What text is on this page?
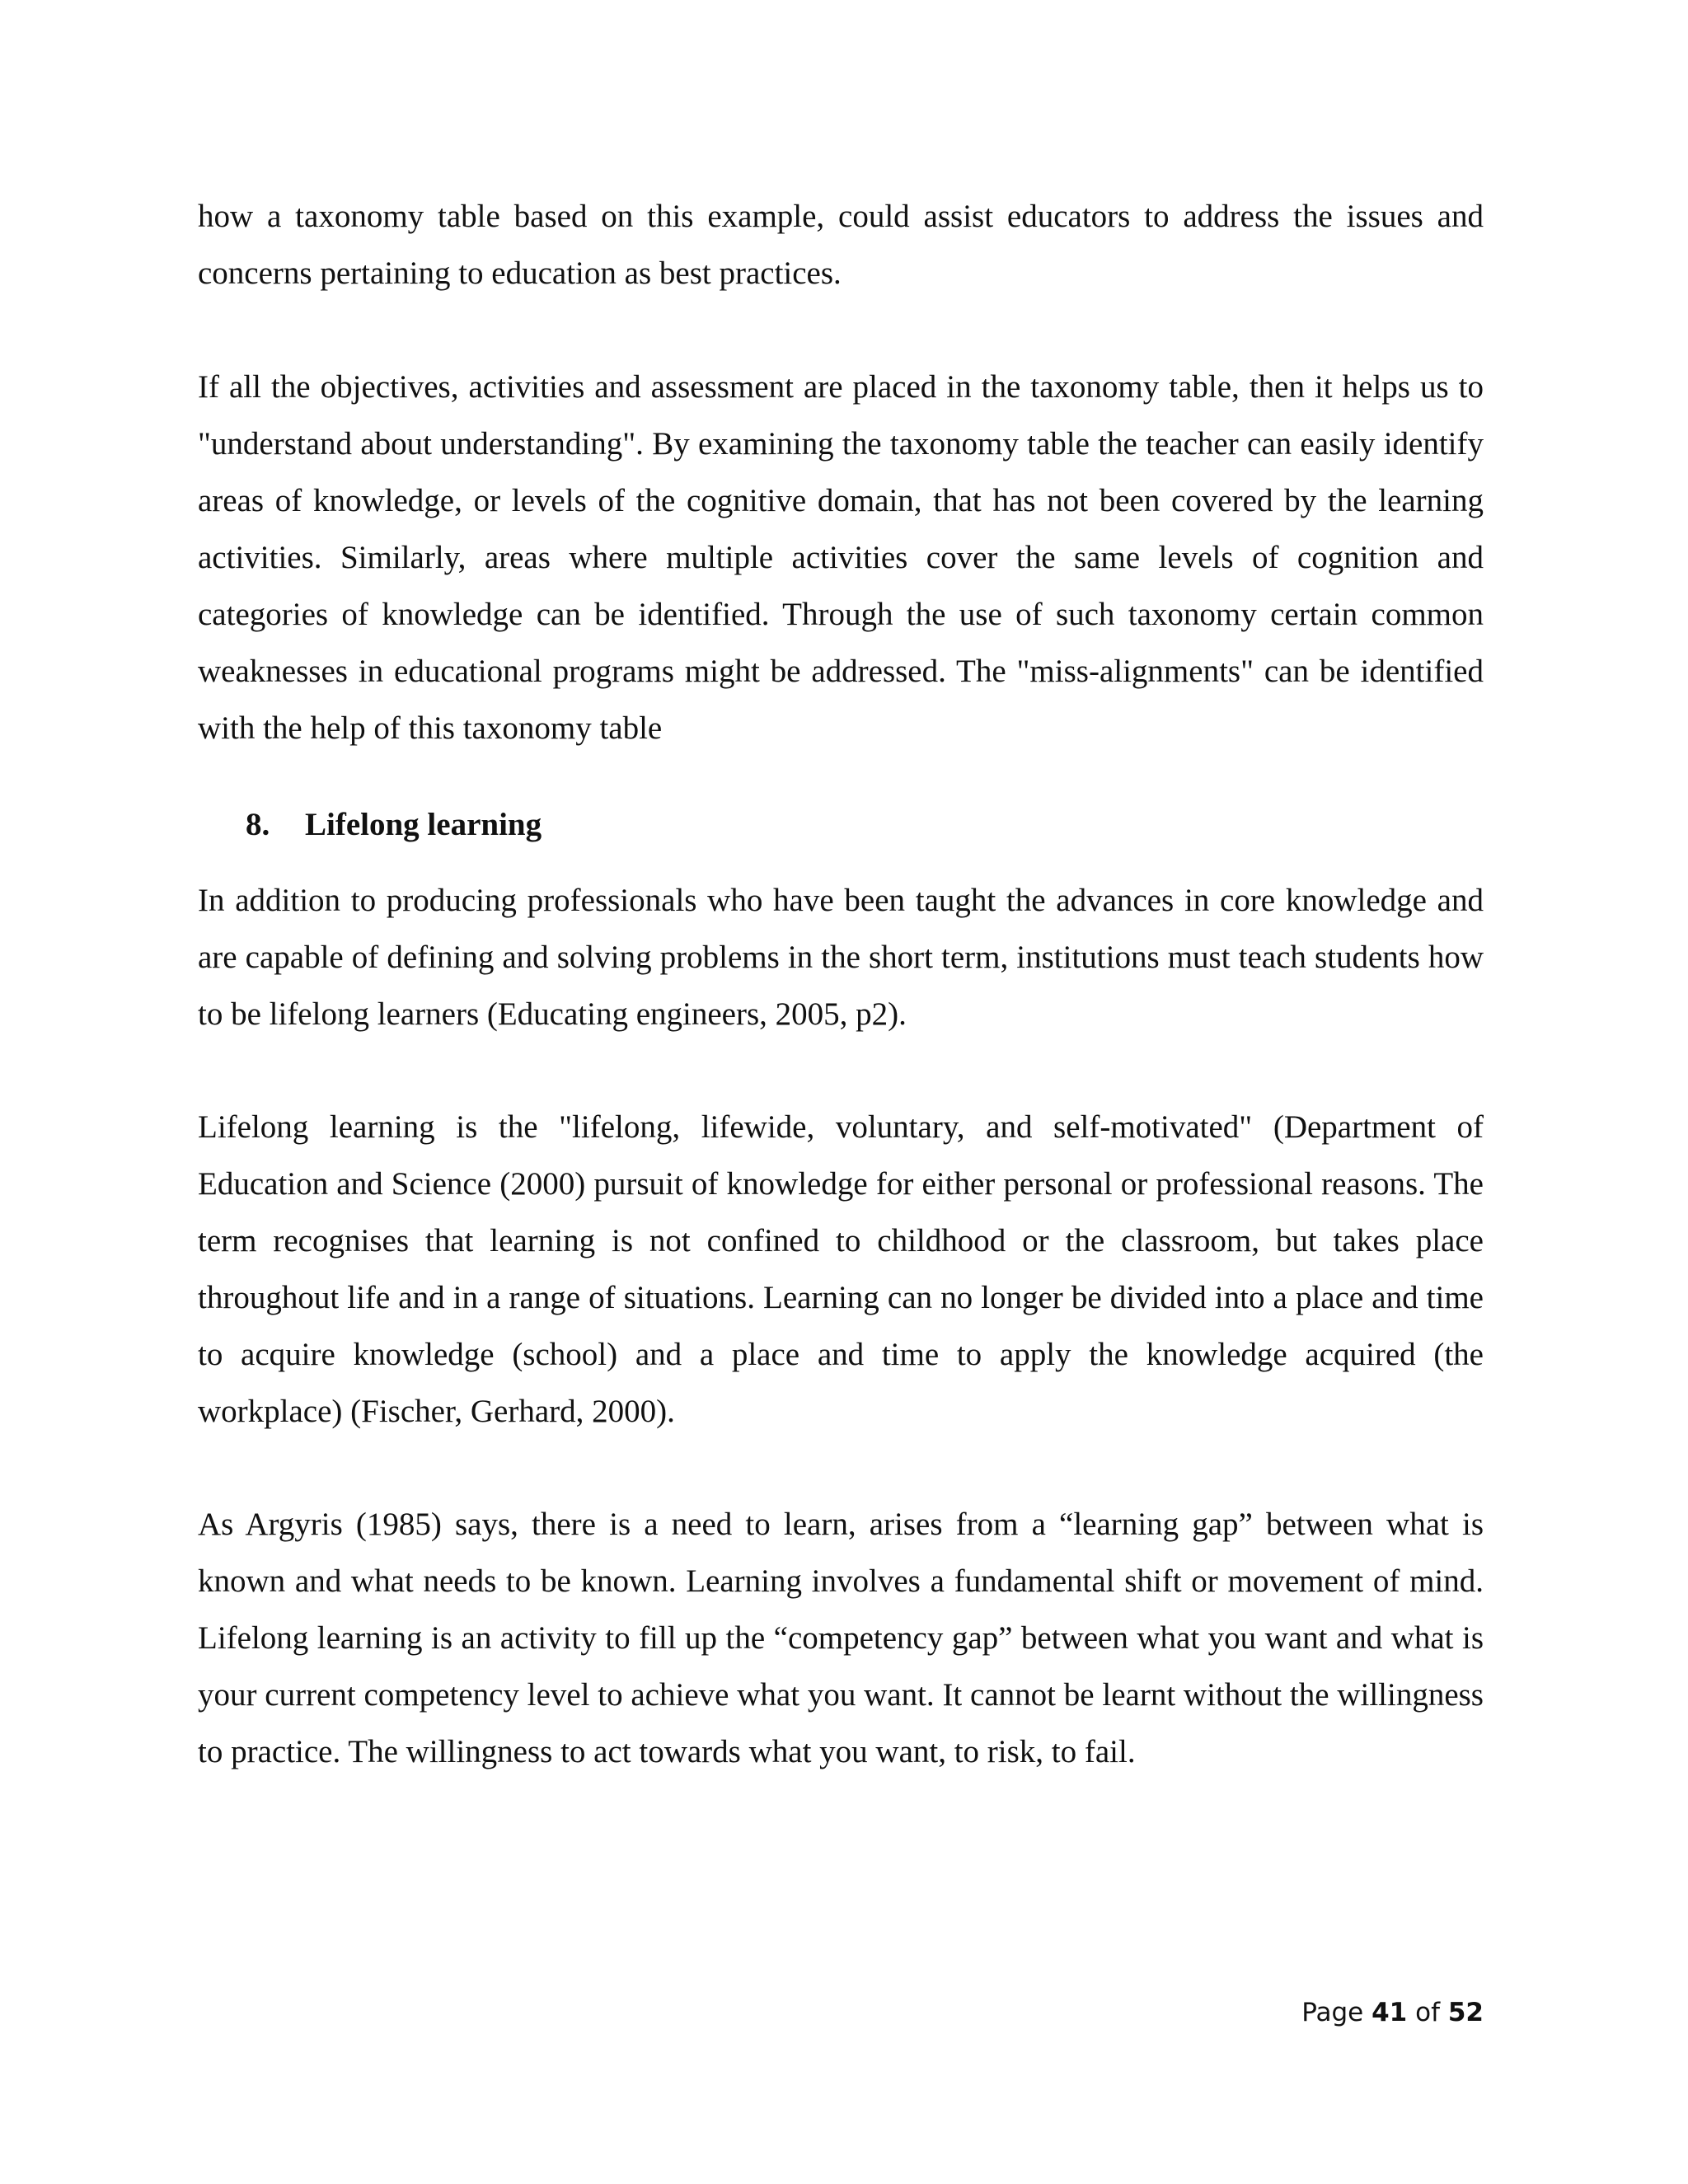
how a taxonomy table based on this example, could assist educators to address the issues and concerns pertaining to education as best practices.

If all the objectives, activities and assessment are placed in the taxonomy table, then it helps us to "understand about understanding". By examining the taxonomy table the teacher can easily identify areas of knowledge, or levels of the cognitive domain, that has not been covered by the learning activities. Similarly, areas where multiple activities cover the same levels of cognition and categories of knowledge can be identified. Through the use of such taxonomy certain common weaknesses in educational programs might be addressed. The "miss-alignments" can be identified with the help of this taxonomy table

8. Lifelong learning

In addition to producing professionals who have been taught the advances in core knowledge and are capable of defining and solving problems in the short term, institutions must teach students how to be lifelong learners (Educating engineers, 2005, p2).

Lifelong learning is the "lifelong, lifewide, voluntary, and self-motivated" (Department of Education and Science (2000) pursuit of knowledge for either personal or professional reasons. The term recognises that learning is not confined to childhood or the classroom, but takes place throughout life and in a range of situations. Learning can no longer be divided into a place and time to acquire knowledge (school) and a place and time to apply the knowledge acquired (the workplace) (Fischer, Gerhard, 2000).

As Argyris (1985) says, there is a need to learn, arises from a “learning gap” between what is known and what needs to be known. Learning involves a fundamental shift or movement of mind. Lifelong learning is an activity to fill up the “competency gap” between what you want and what is your current competency level to achieve what you want. It cannot be learnt without the willingness to practice. The willingness to act towards what you want, to risk, to fail.

Page 41 of 52
